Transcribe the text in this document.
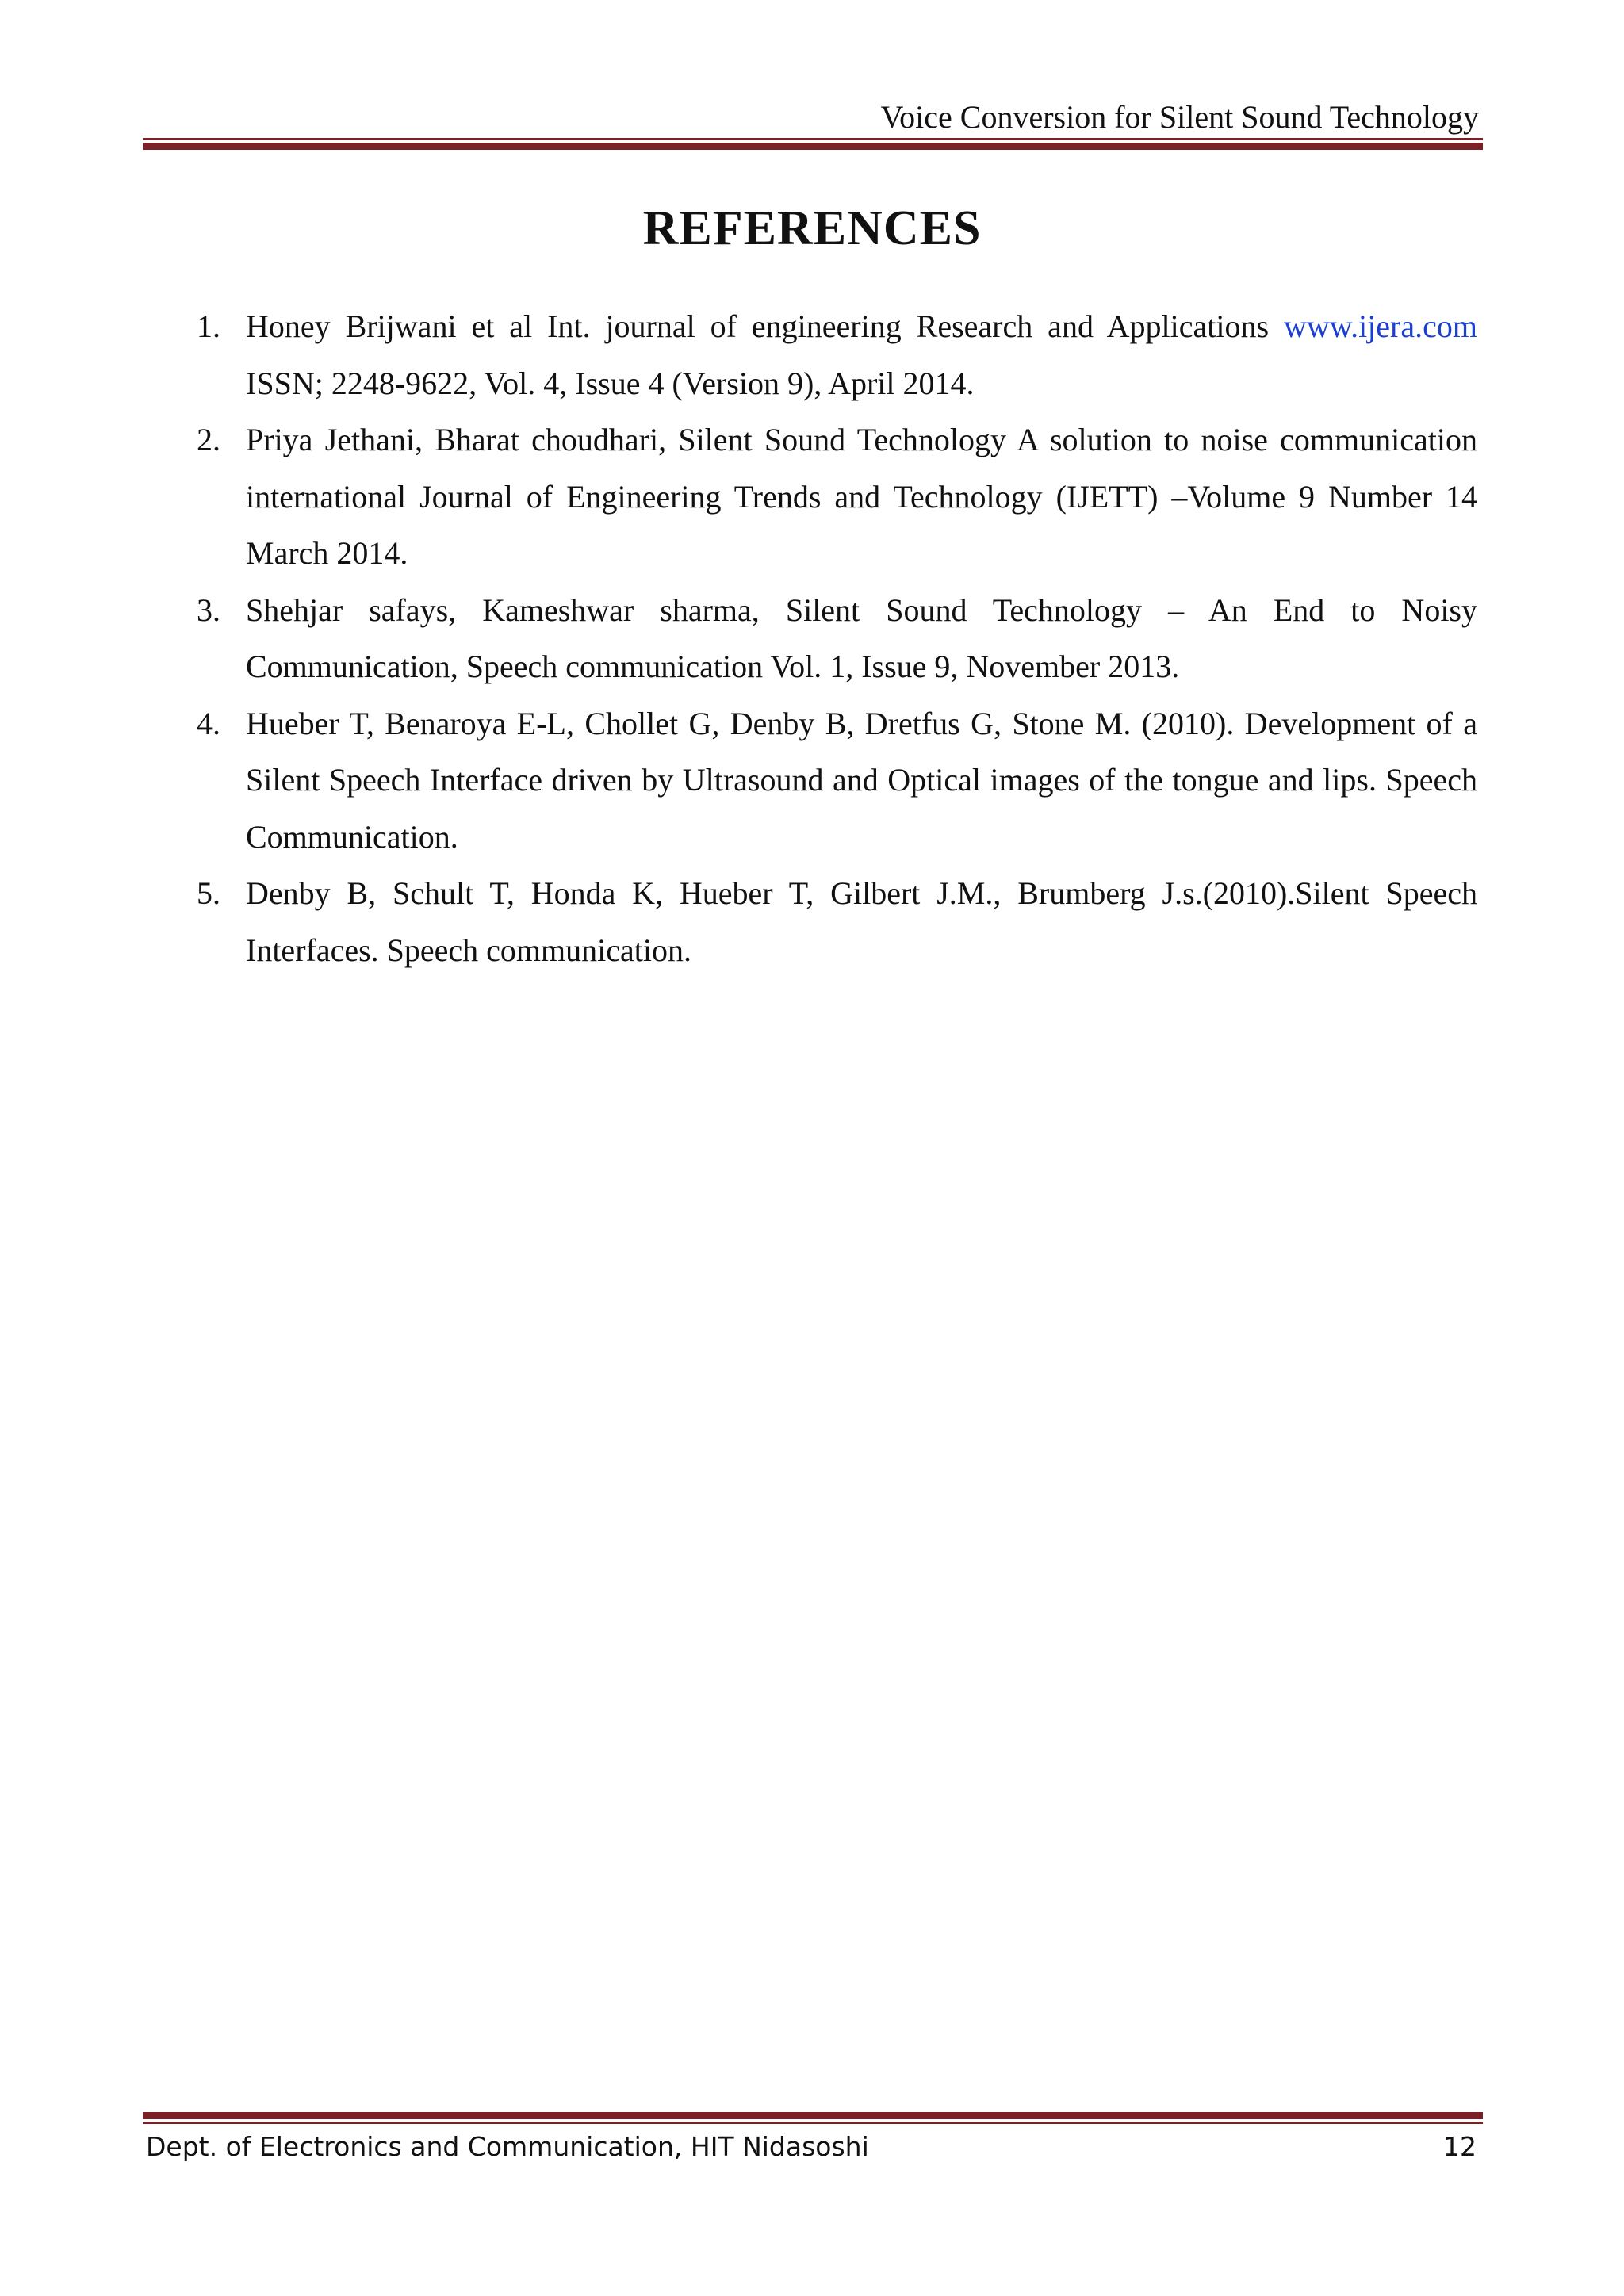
Voice Conversion for Silent Sound Technology
REFERENCES
1. Honey Brijwani et al Int. journal of engineering Research and Applications www.ijera.com ISSN; 2248-9622, Vol. 4, Issue 4 (Version 9), April 2014.
2. Priya Jethani, Bharat choudhari, Silent Sound Technology A solution to noise communication international Journal of Engineering Trends and Technology (IJETT) –Volume 9 Number 14 March 2014.
3. Shehjar safays, Kameshwar sharma, Silent Sound Technology – An End to Noisy Communication, Speech communication Vol. 1, Issue 9, November 2013.
4. Hueber T, Benaroya E-L, Chollet G, Denby B, Dretfus G, Stone M. (2010). Development of a Silent Speech Interface driven by Ultrasound and Optical images of the tongue and lips. Speech Communication.
5. Denby B, Schult T, Honda K, Hueber T, Gilbert J.M., Brumberg J.s.(2010).Silent Speech Interfaces. Speech communication.
Dept. of Electronics and Communication, HIT Nidasoshi	12
